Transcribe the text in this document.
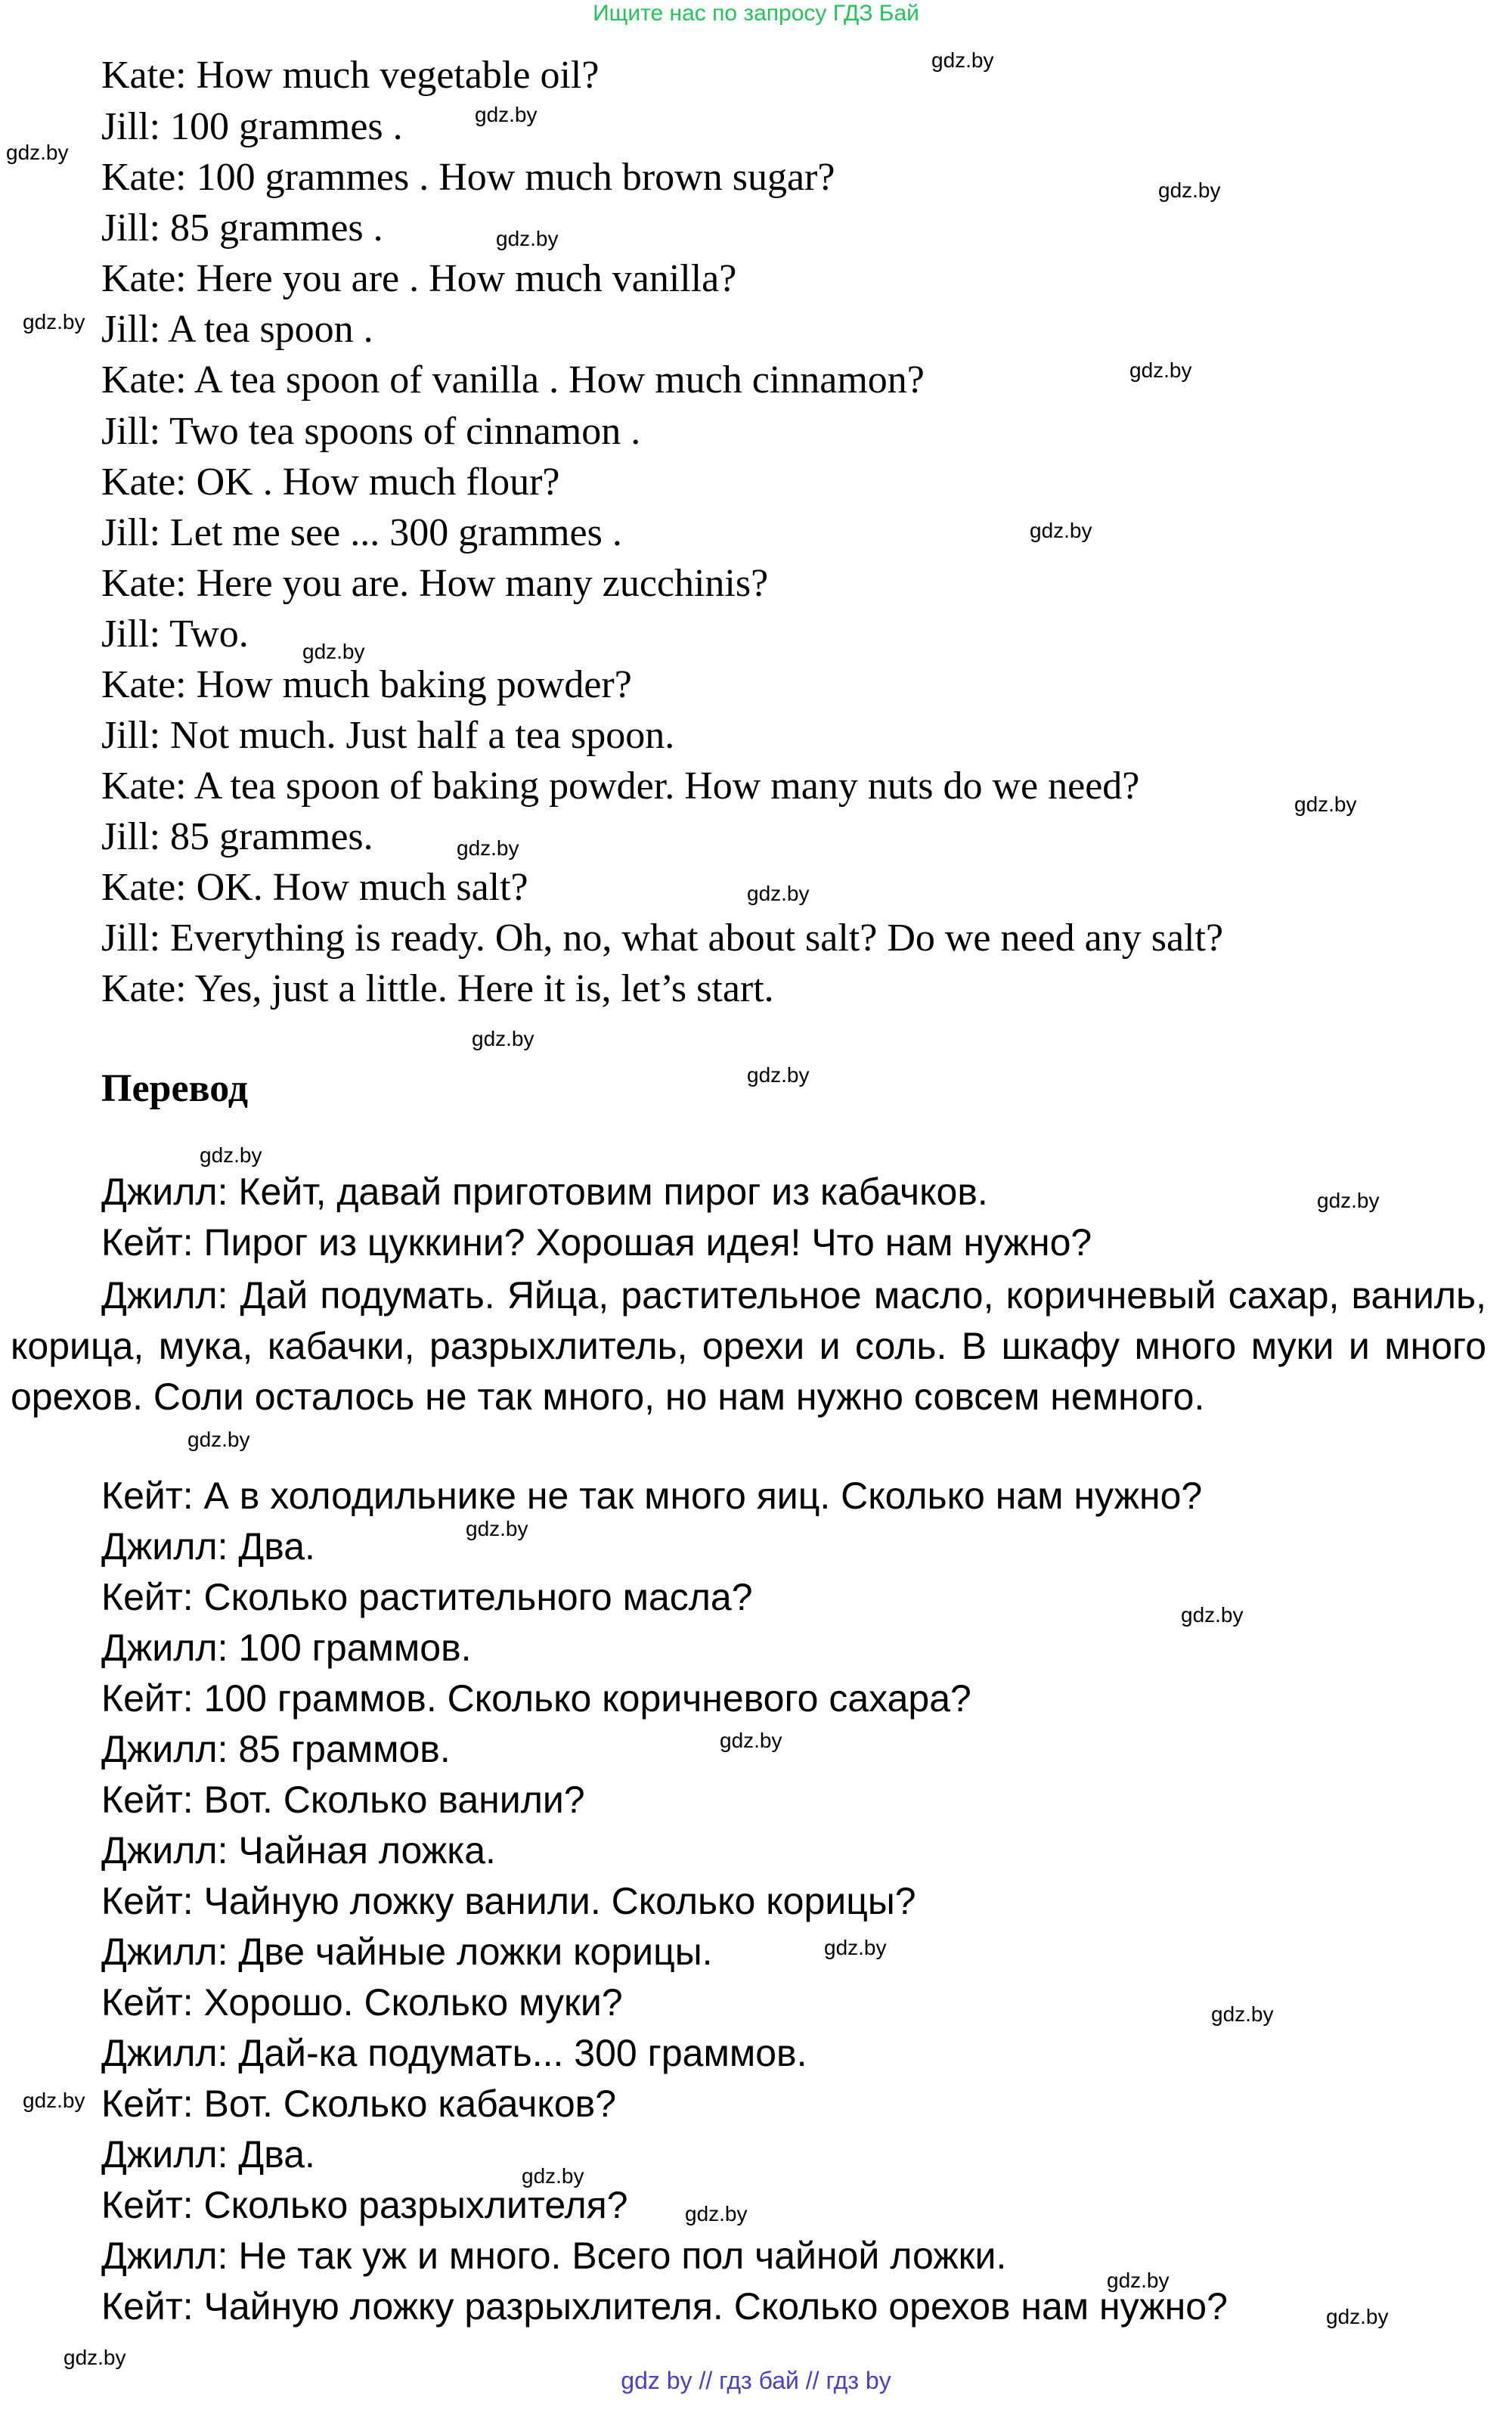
Ищите нас по запросу ГДЗ Бай
Kate: How much vegetable oil?
Jill: 100 grammes .
Kate: 100 grammes . How much brown sugar?
Jill: 85 grammes .
Kate: Here you are . How much vanilla?
Jill: A tea spoon .
Kate: A tea spoon of vanilla . How much cinnamon?
Jill: Two tea spoons of cinnamon .
Kate: OK . How much flour?
Jill: Let me see ... 300 grammes .
Kate: Here you are. How many zucchinis?
Jill: Two.
Kate: How much baking powder?
Jill: Not much. Just half a tea spoon.
Kate: A tea spoon of baking powder. How many nuts do we need?
Jill: 85 grammes.
Kate: OK. How much salt?
Jill: Everything is ready. Oh, no, what about salt? Do we need any salt?
Kate: Yes, just a little. Here it is, let’s start.
Перевод
Джилл: Кейт, давай приготовим пирог из кабачков.
Кейт: Пирог из цуккини? Хорошая идея! Что нам нужно?
Джилл: Дай подумать. Яйца, растительное масло, коричневый сахар, ваниль, корица, мука, кабачки, разрыхлитель, орехи и соль. В шкафу много муки и много орехов. Соли осталось не так много, но нам нужно совсем немного.
Кейт: А в холодильнике не так много яиц. Сколько нам нужно?
Джилл: Два.
Кейт: Сколько растительного масла?
Джилл: 100 граммов.
Кейт: 100 граммов. Сколько коричневого сахара?
Джилл: 85 граммов.
Кейт: Вот. Сколько ванили?
Джилл: Чайная ложка.
Кейт: Чайную ложку ванили. Сколько корицы?
Джилл: Две чайные ложки корицы.
Кейт: Хорошо. Сколько муки?
Джилл: Дай-ка подумать... 300 граммов.
Кейт: Вот. Сколько кабачков?
Джилл: Два.
Кейт: Сколько разрыхлителя?
Джилл: Не так уж и много. Всего пол чайной ложки.
Кейт: Чайную ложку разрыхлителя. Сколько орехов нам нужно?
gdz.by
gdz.by
gdz.by
gdz.by
gdz.by
gdz.by
gdz.by
gdz.by
gdz.by
gdz.by
gdz.by
gdz.by
gdz.by
gdz.by
gdz.by
gdz.by
gdz.by
gdz.by
gdz.by
gdz.by
gdz.by
gdz.by
gdz.by
gdz.by
gdz.by
gdz.by
gdz.by
gdz.by
gdz by // гдз бай // гдз by
